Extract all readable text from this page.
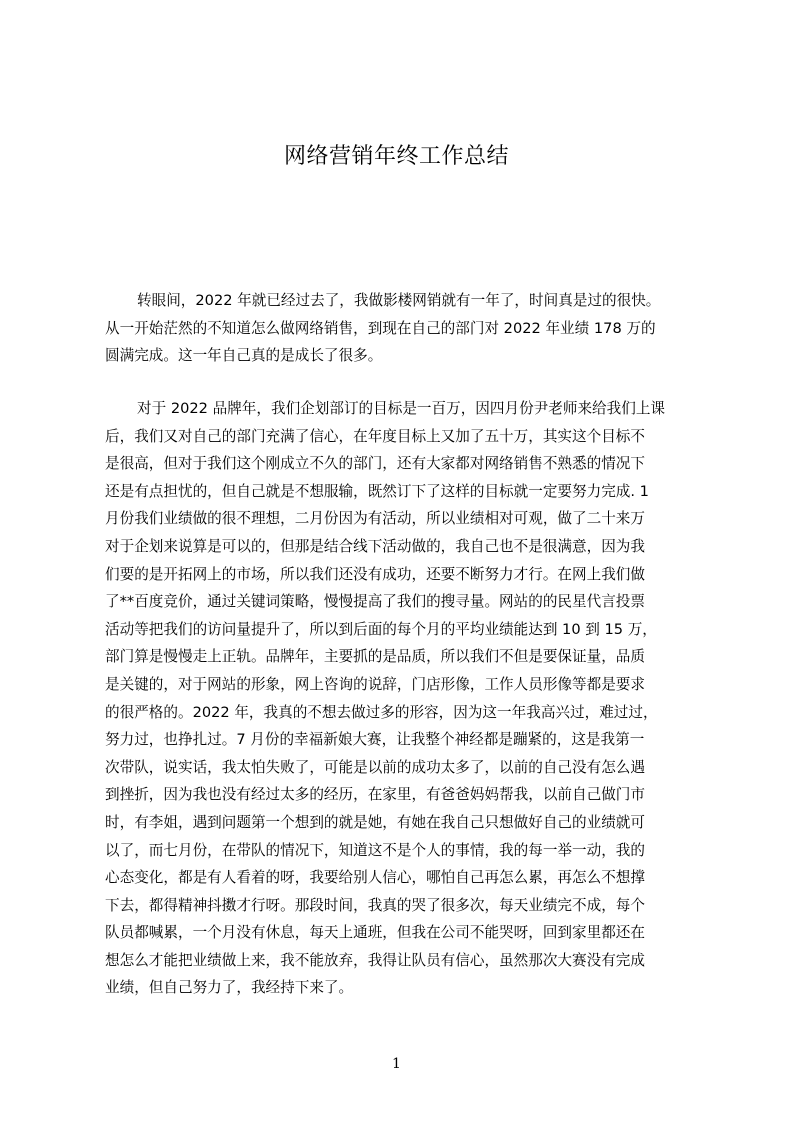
网络营销年终工作总结
转眼间，2022 年就已经过去了，我做影楼网销就有一年了，时间真是过的很快。
从一开始茫然的不知道怎么做网络销售，到现在自己的部门对 2022 年业绩 178 万的
圆满完成。这一年自己真的是成长了很多。
对于 2022 品牌年，我们企划部订的目标是一百万，因四月份尹老师来给我们上课
后，我们又对自己的部门充满了信心，在年度目标上又加了五十万，其实这个目标不
是很高，但对于我们这个刚成立不久的部门，还有大家都对网络销售不熟悉的情况下
还是有点担忧的，但自己就是不想服输，既然订下了这样的目标就一定要努力完成. 1
月份我们业绩做的很不理想，二月份因为有活动，所以业绩相对可观，做了二十来万
对于企划来说算是可以的，但那是结合线下活动做的，我自己也不是很满意，因为我
们要的是开拓网上的市场，所以我们还没有成功，还要不断努力才行。在网上我们做
了**百度竞价，通过关键词策略，慢慢提高了我们的搜寻量。网站的的民星代言投票
活动等把我们的访问量提升了，所以到后面的每个月的平均业绩能达到 10 到 15 万，
部门算是慢慢走上正轨。品牌年，主要抓的是品质，所以我们不但是要保证量，品质
是关键的，对于网站的形象，网上咨询的说辞，门店形像，工作人员形像等都是要求
的很严格的。2022 年，我真的不想去做过多的形容，因为这一年我高兴过，难过过，
努力过，也挣扎过。7 月份的幸福新娘大赛，让我整个神经都是蹦紧的，这是我第一
次带队，说实话，我太怕失败了，可能是以前的成功太多了，以前的自己没有怎么遇
到挫折，因为我也没有经过太多的经历，在家里，有爸爸妈妈帮我，以前自己做门市
时，有李姐，遇到问题第一个想到的就是她，有她在我自己只想做好自己的业绩就可
以了，而七月份，在带队的情况下，知道这不是个人的事情，我的每一举一动，我的
心态变化，都是有人看着的呀，我要给别人信心，哪怕自己再怎么累，再怎么不想撑
下去，都得精神抖擞才行呀。那段时间，我真的哭了很多次，每天业绩完不成，每个
队员都喊累，一个月没有休息，每天上通班，但我在公司不能哭呀，回到家里都还在
想怎么才能把业绩做上来，我不能放弃，我得让队员有信心，虽然那次大赛没有完成
业绩，但自己努力了，我经持下来了。
1
